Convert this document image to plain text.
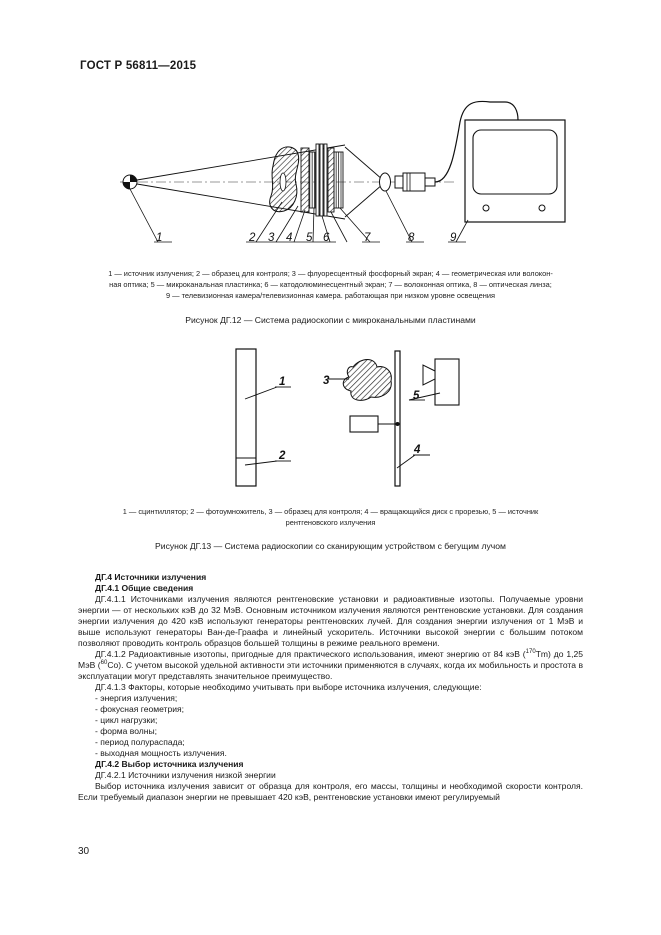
ГОСТ Р 56811—2015
1	2 3 4 5 6	7	8	9
1 — источник излучения; 2 — образец для контроля; 3 — флуоресцентный фосфорный экран; 4 — геометрическая или волокон-
ная оптика; 5 — микроканальная пластинка; 6 — катодолюминесцентный экран; 7 — волоконная оптика, 8 — оптическая линза;
9 — телевизионная камера/телевизионная камера. работающая при низком уровне освещения
Рисунок ДГ.12 — Система радиоскопии с микроканальными пластинами
1
2
3
4
5
1 — сцинтиллятор; 2 — фотоумножитель, 3 — образец для контроля; 4 — вращающийся диск с прорезью, 5 — источник
рентгеновского излучения
Рисунок ДГ.13 — Система радиоскопии со сканирующим устройством с бегущим лучом

ДГ.4 Источники излучения

ДГ.4.1 Общие сведения

ДГ.4.1.1 Источниками излучения являются рентгеновские установки и радиоактивные изотопы. Получаемые уровни энергии — от нескольких кэВ до 32 МэВ. Основным источником излучения являются рентгеновские установки. Для создания энергии излучения до 420 кэВ используют генераторы рентгеновских лучей. Для создания энергии излучения от 1 МэВ и выше используют генераторы Ван-де-Граафа и линейный ускоритель. Источники высокой энергии с большим потоком позволяют проводить контроль образцов большей толщины в режиме реального времени.

ДГ.4.1.2 Радиоактивные изотопы, пригодные для практического использования, имеют энергию от 84 кэВ ($^{170}$Tm) до 1,25 МэВ ($^{60}$Co). С учетом высокой удельной активности эти источники применяются в случаях, когда их мобильность и простота в эксплуатации могут представлять значительное преимущество.

ДГ.4.1.3 Факторы, которые необходимо учитывать при выборе источника излучения, следующие:

- энергия излучения;

- фокусная геометрия;

- цикл нагрузки;

- форма волны;

- период полураспада;

- выходная мощность излучения.

ДГ.4.2 Выбор источника излучения

ДГ.4.2.1 Источники излучения низкой энергии

Выбор источника излучения зависит от образца для контроля, его массы, толщины и необходимой скорости контроля. Если требуемый диапазон энергии не превышает 420 кэВ, рентгеновские установки имеют регулируемый

30
